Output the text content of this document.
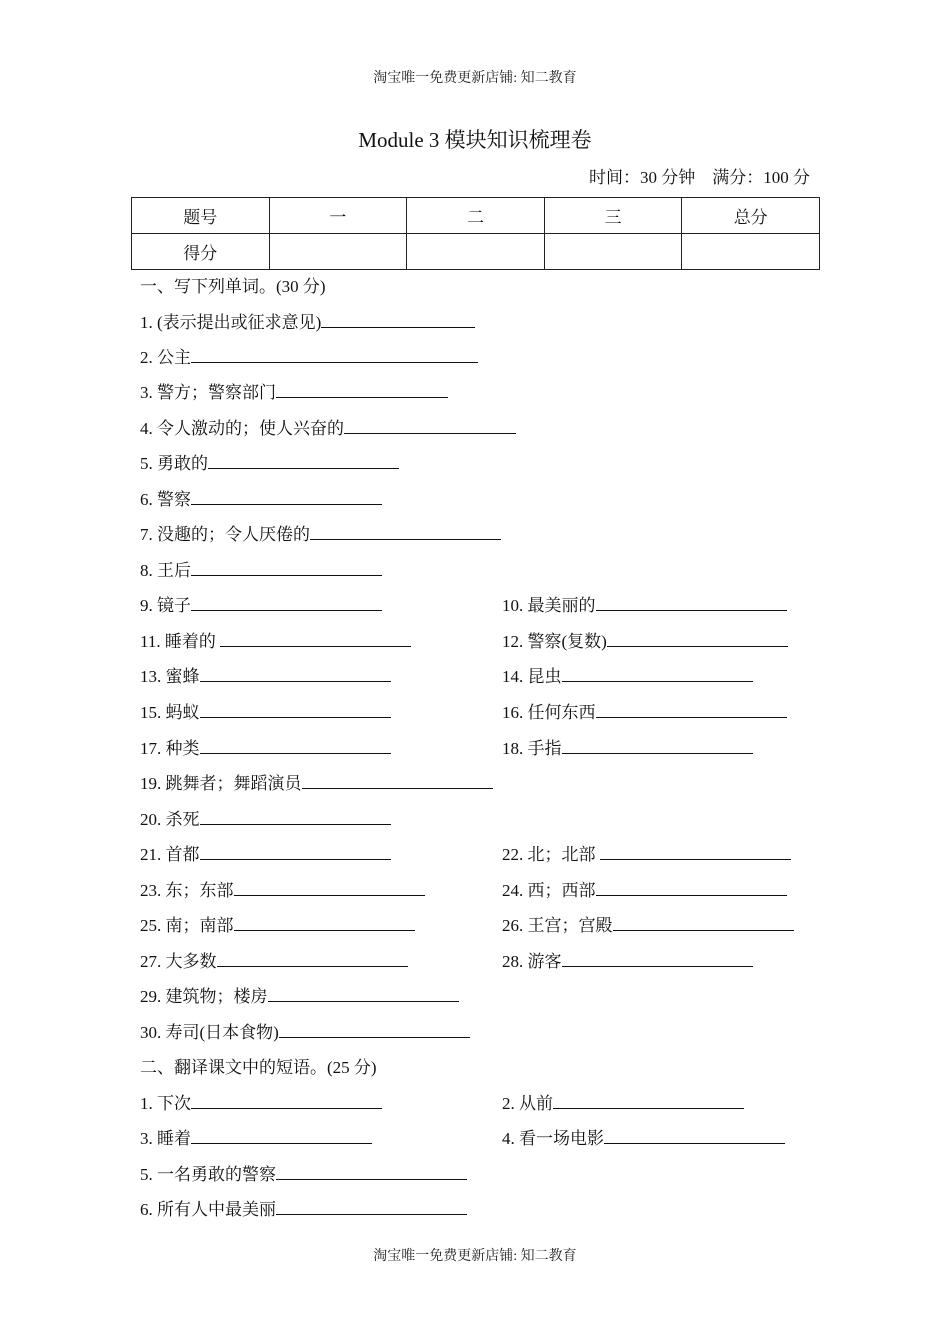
淘宝唯一免费更新店铺: 知二教育
Module 3 模块知识梳理卷
时间：30 分钟    满分：100 分
题号	一	二	三	总分
得分				
一、写下列单词。(30 分)
1. (表示提出或征求意见)
2. 公主
3. 警方；警察部门
4. 令人激动的；使人兴奋的
5. 勇敢的
6. 警察
7. 没趣的；令人厌倦的
8. 王后
9. 镜子	10. 最美丽的
11. 睡着的	12. 警察(复数)
13. 蜜蜂	14. 昆虫
15. 蚂蚁	16. 任何东西
17. 种类	18. 手指
19. 跳舞者；舞蹈演员
20. 杀死
21. 首都	22. 北；北部
23. 东；东部	24. 西；西部
25. 南；南部	26. 王宫；宫殿
27. 大多数	28. 游客
29. 建筑物；楼房
30. 寿司(日本食物)
二、翻译课文中的短语。(25 分)
1. 下次	2. 从前
3. 睡着	4. 看一场电影
5. 一名勇敢的警察
6. 所有人中最美丽
淘宝唯一免费更新店铺: 知二教育
